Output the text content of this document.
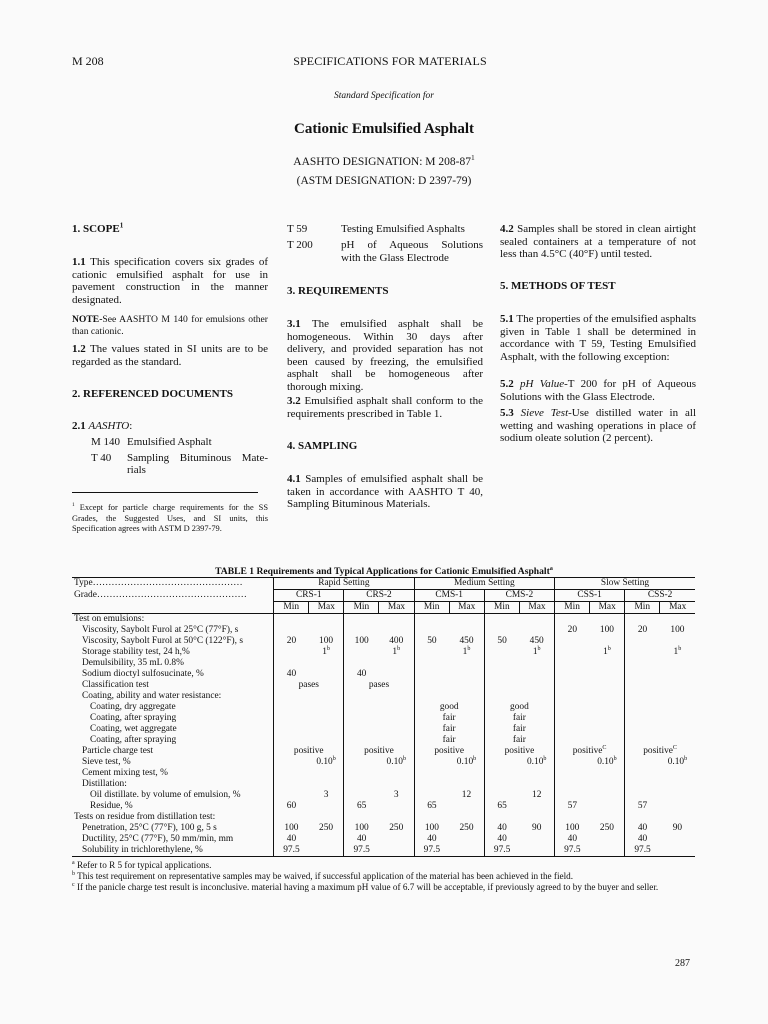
M 208	SPECIFICATIONS FOR MATERIALS
Standard Specification for
Cationic Emulsified Asphalt
AASHTO DESIGNATION: M $208-87^1$
(ASTM DESIGNATION: D 2397-79)
1. SCOPE$^1$

1.1 This specification covers six grades of cationic emulsified asphalt for use in pavement construction in the manner designated.

NOTE-See AASHTO M 140 for emulsions other than cationic.

1.2 The values stated in SI units are to be regarded as the standard.

2. REFERENCED DOCUMENTS

2.1 AASHTO:

M 140 Emulsified Asphalt
T 40 Sampling Bituminous Mate-
rials
$^1$ Except for particle charge requirements for the SS Grades, the Suggested Uses, and SI units, this Specification agrees with ASTM D 2397-79.
T 59	Testing Emulsified Asphalts
T 200	pH of Aqueous Solutions
with the Glass Electrode
3. REQUIREMENTS

3.1 The emulsified asphalt shall be homogeneous. Within 30 days after delivery, and provided separation has not been caused by freezing, the emulsified asphalt shall be homogeneous after thorough mixing.

3.2 Emulsified asphalt shall conform to the requirements prescribed in Table 1.

4. SAMPLING

4.1 Samples of emulsified asphalt shall be taken in accordance with AASHTO T 40, Sampling Bituminous Materials.

4.2 Samples shall be stored in clean airtight sealed containers at a temperature of not less than 4.5°C (40°F) until tested.

5. METHODS OF TEST

5.1 The properties of the emulsified asphalts given in Table 1 shall be determined in accordance with T 59, Testing Emulsified Asphalt, with the following exception:

5.2 pH Value-T 200 for pH of Aqueous Solutions with the Glass Electrode.

5.3 Sieve Test-Use distilled water in all wetting and washing operations in place of sodium oleate solution (2 percent).

TABLE 1 Requirements and Typical Applications for Cationic Emulsified Asphalt$^a$
Type…………………………………………	Rapid Setting				Medium Setting				Slow Setting			
Grade…………………………………………	CRS-1		CRS-2		CMS-1		CMS-2		CSS-1		CSS-2	
	Min	Max	Min	Max	Min	Max	Min	Max	Min	Max	Min	Max
Test on emulsions:												
Viscosity, Saybolt Furol at 25°C (77°F), s									20	100	20	100
Viscosity, Saybolt Furol at 50°C (122°F), s	20	100	100	400	50	450	50	450				
Storage stability test, 24 h,%		1$^b$		1$^b$		1$^b$		1$^b$		1$^b$		1$^b$
Demulsibility, 35 mL 0.8%												
Sodium dioctyl sulfosucinate, %	40		40									
Classification test	pases		pases									
Coating, ability and water resistance:												
Coating, dry aggregate					good		good					
Coating, after spraying					fair		fair					
Coating, wet aggregate					fair		fair					
Coating, after spraying					fair		fair					
Particle charge test	positive		positive		positive		positive		positive$^C$		positive$^C$
Sieve test, %		0.10$^b$		0.10$^b$		0.10$^b$		0.10$^b$		0.10$^b$		0.10$^b$
Cement mixing test, %												
Distillation:												
Oil distillate. by volume of emulsion, %		3		3		12		12				
Residue, %	60		65		65		65		57		57	
Tests on residue from distillation test:												
Penetration, 25°C (77°F), 100 g, 5 s	100	250	100	250	100	250	40	90	100	250	40	90
Ductility, 25°C (77°F), 50 mm/min, mm	40		40		40		40		40		40	
Solubility in trichlorethylene, %	97.5		97.5		97.5		97.5		97.5		97.5	
$^a$ Refer to R 5 for typical applications.
$^b$ This test requirement on representative samples may be waived, if successful application of the material has been achieved in the field.
$^c$ If the panicle charge test result is inconclusive. material having a maximum pH value of 6.7 will be acceptable, if previously agreed to by the buyer and seller.
287
